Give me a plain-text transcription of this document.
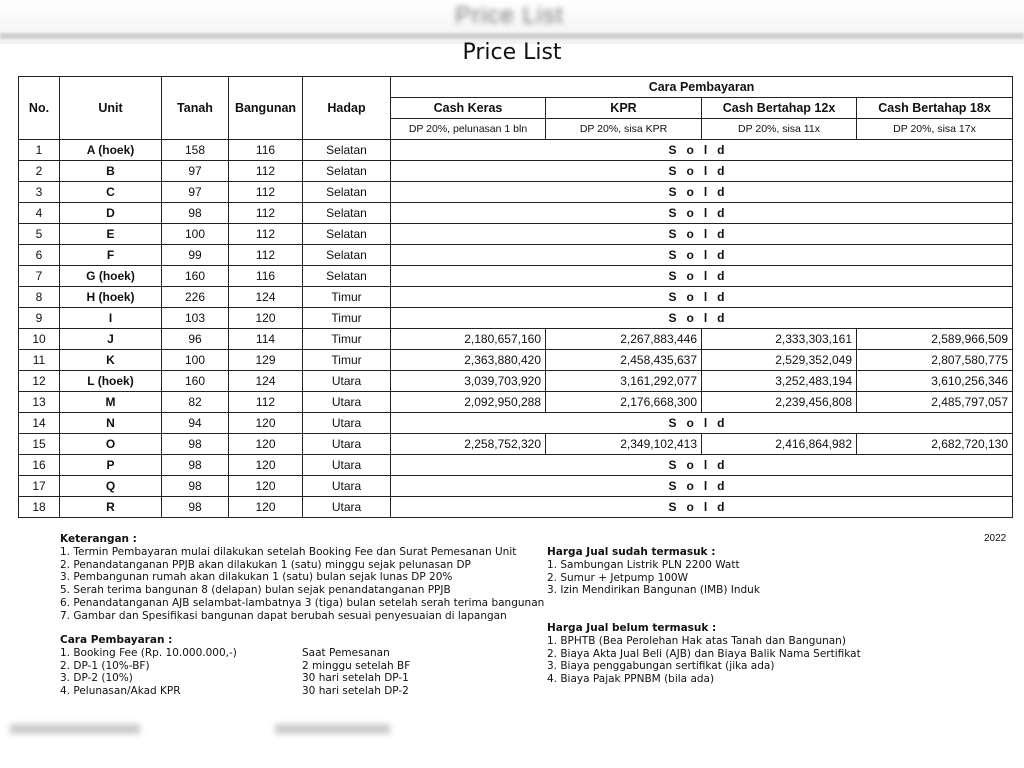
Price List
Price List
No.	Unit	Tanah	Bangunan	Hadap	Cara Pembayaran			
					Cash Keras	KPR	Cash Bertahap 12x	Cash Bertahap 18x
					DP 20%, pelunasan 1 bln	DP 20%, sisa KPR	DP 20%, sisa 11x	DP 20%, sisa 17x
1	A (hoek)	158	116	Selatan	Sold			
2	B	97	112	Selatan	Sold			
3	C	97	112	Selatan	Sold			
4	D	98	112	Selatan	Sold			
5	E	100	112	Selatan	Sold			
6	F	99	112	Selatan	Sold			
7	G (hoek)	160	116	Selatan	Sold			
8	H (hoek)	226	124	Timur	Sold			
9	I	103	120	Timur	Sold			
10	J	96	114	Timur	2,180,657,160	2,267,883,446	2,333,303,161	2,589,966,509
11	K	100	129	Timur	2,363,880,420	2,458,435,637	2,529,352,049	2,807,580,775
12	L (hoek)	160	124	Utara	3,039,703,920	3,161,292,077	3,252,483,194	3,610,256,346
13	M	82	112	Utara	2,092,950,288	2,176,668,300	2,239,456,808	2,485,797,057
14	N	94	120	Utara	Sold			
15	O	98	120	Utara	2,258,752,320	2,349,102,413	2,416,864,982	2,682,720,130
16	P	98	120	Utara	Sold			
17	Q	98	120	Utara	Sold			
18	R	98	120	Utara	Sold			
2022
Keterangan :
1. Termin Pembayaran mulai dilakukan setelah Booking Fee dan Surat Pemesanan Unit
2. Penandatanganan PPJB akan dilakukan 1 (satu) minggu sejak pelunasan DP
3. Pembangunan rumah akan dilakukan 1 (satu) bulan sejak lunas DP 20%
5. Serah terima bangunan 8 (delapan) bulan sejak penandatanganan PPJB
6. Penandatanganan AJB selambat-lambatnya 3 (tiga) bulan setelah serah terima bangunan
7. Gambar dan Spesifikasi bangunan dapat berubah sesuai penyesuaian di lapangan
Cara Pembayaran :
1. Booking Fee (Rp. 10.000.000,-)	Saat Pemesanan
2. DP-1 (10%-BF)	2 minggu setelah BF
3. DP-2 (10%)	30 hari setelah DP-1
4. Pelunasan/Akad KPR	30 hari setelah DP-2
Harga Jual sudah termasuk :
1. Sambungan Listrik PLN 2200 Watt
2. Sumur + Jetpump 100W
3. Izin Mendirikan Bangunan (IMB) Induk
Harga Jual belum termasuk :
1. BPHTB (Bea Perolehan Hak atas Tanah dan Bangunan)
2. Biaya Akta Jual Beli (AJB) dan Biaya Balik Nama Sertifikat
3. Biaya penggabungan sertifikat (jika ada)
4. Biaya Pajak PPNBM (bila ada)
